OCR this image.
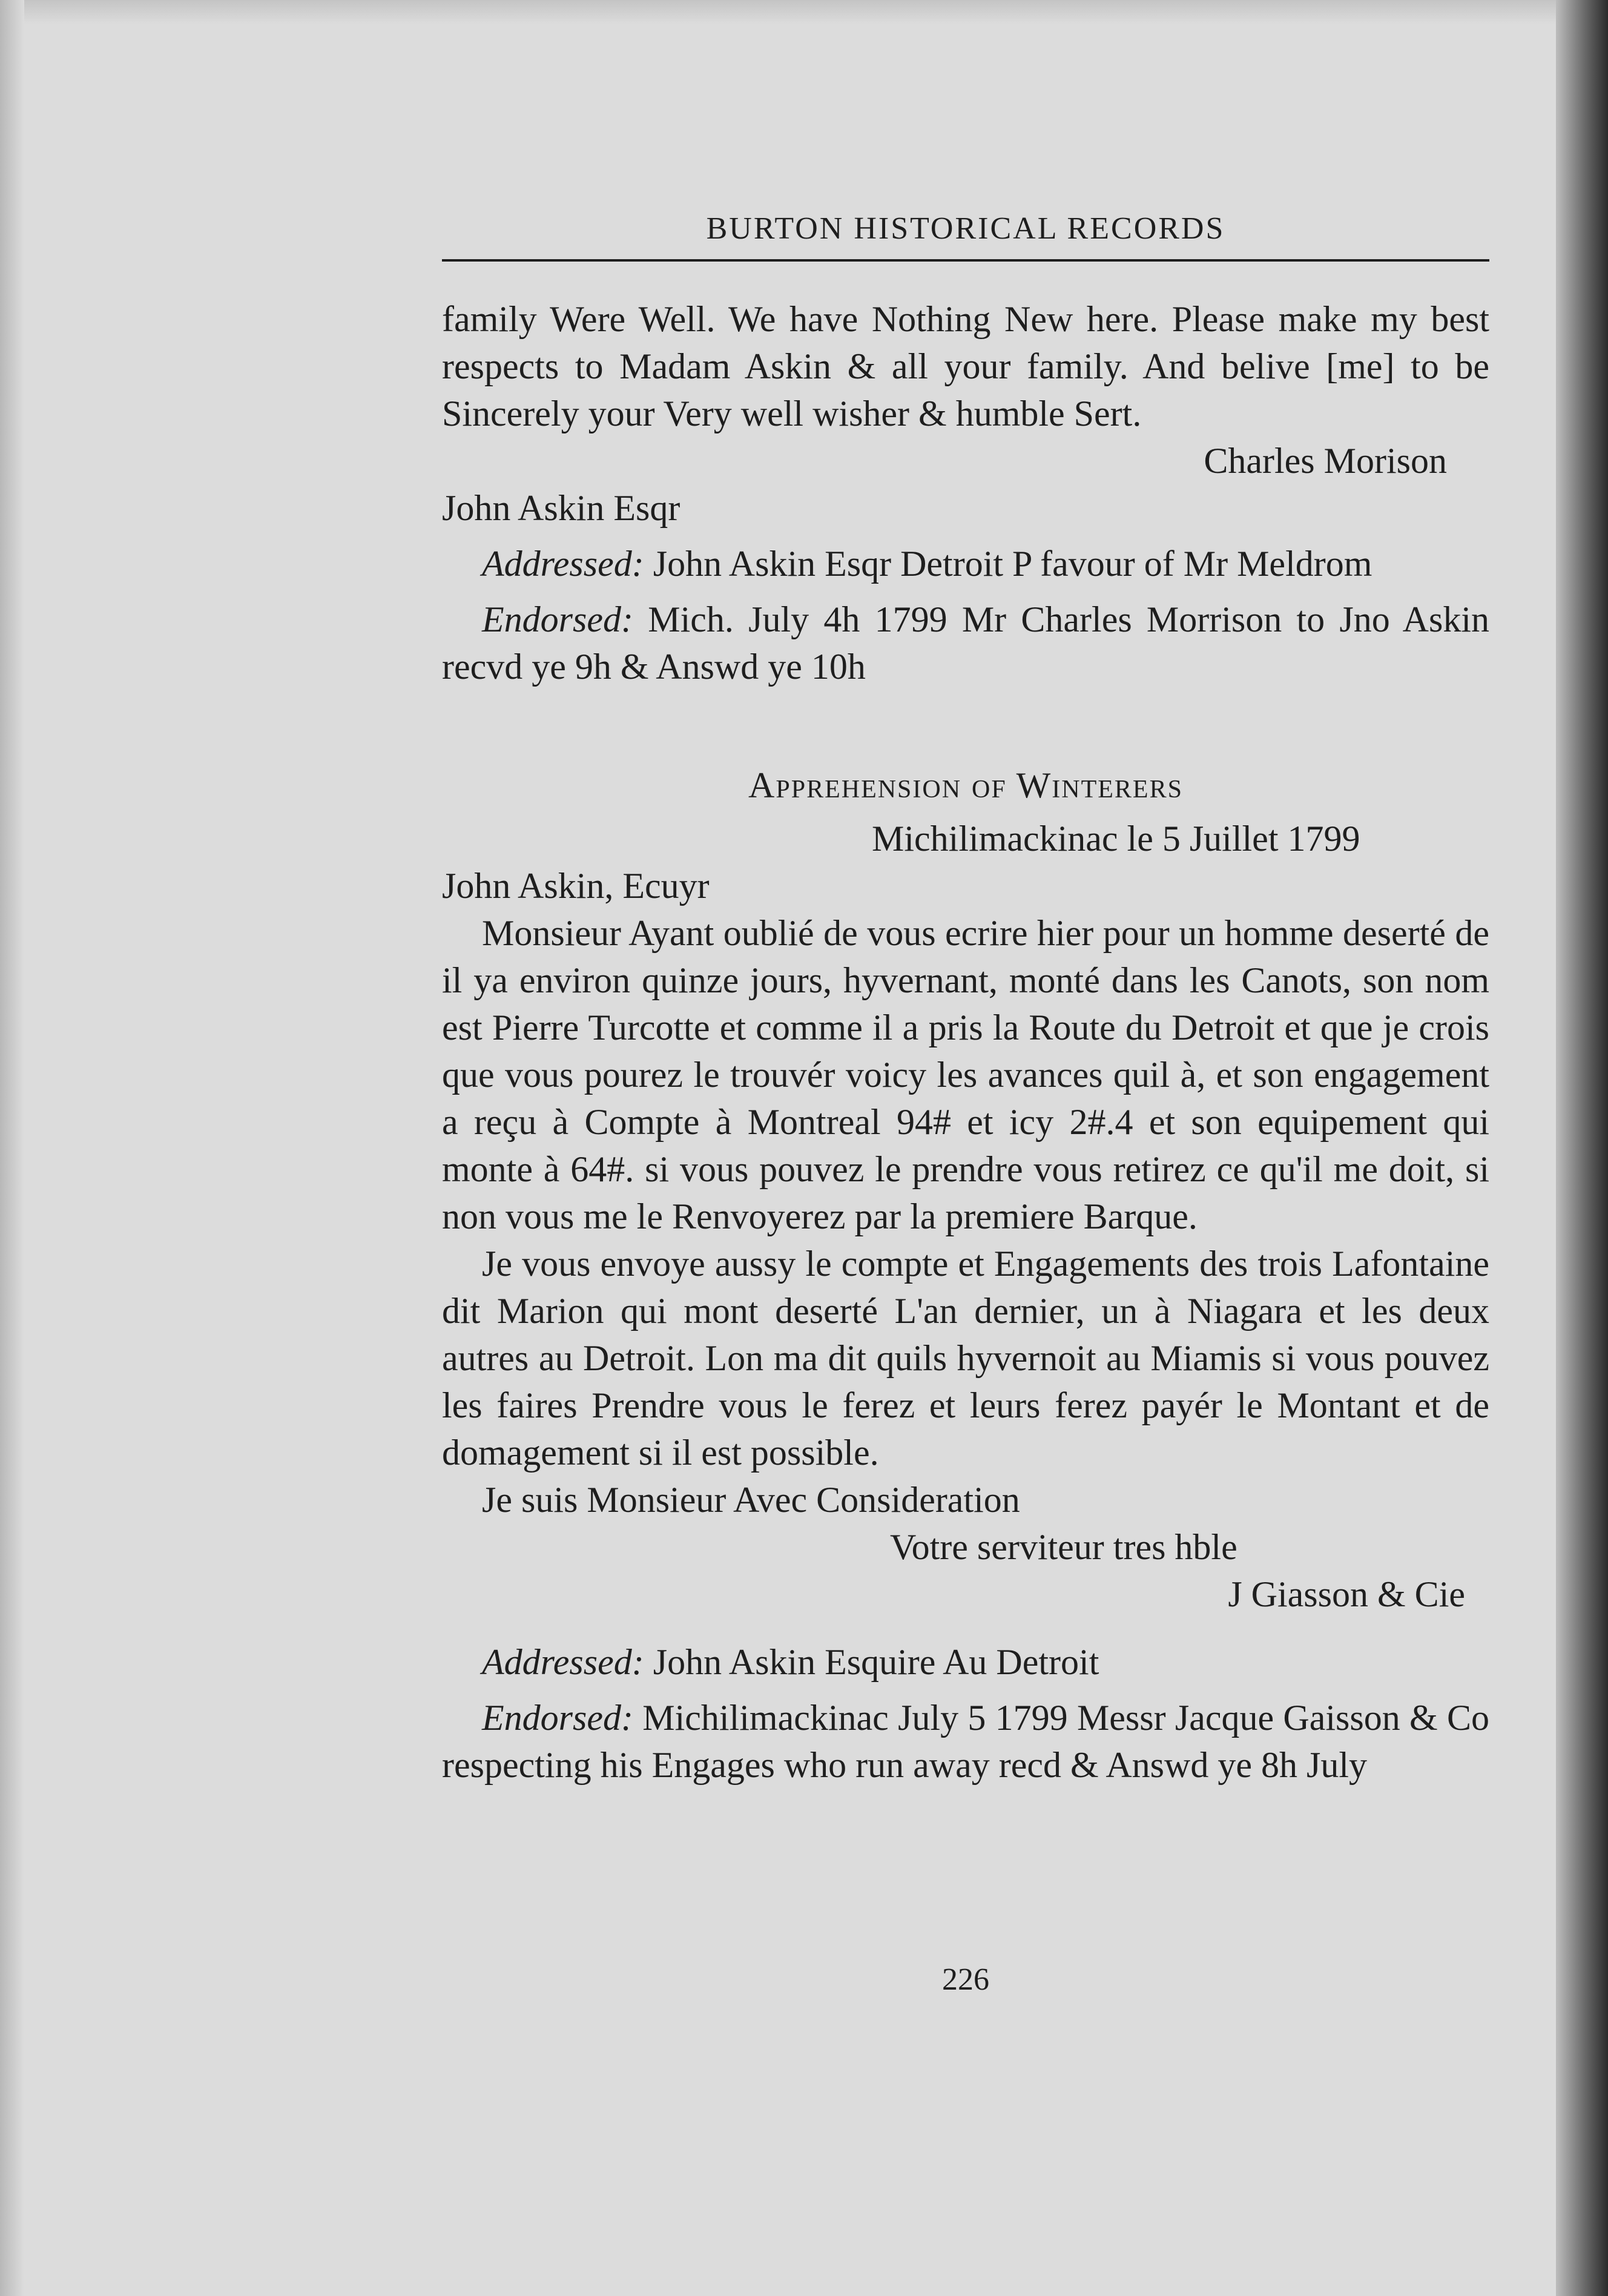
BURTON HISTORICAL RECORDS

family Were Well. We have Nothing New here. Please make my best respects to Madam Askin & all your family. And belive [me] to be Sincerely your Very well wisher & humble Sert.

Charles Morison

John Askin Esqr

Addressed: John Askin Esqr Detroit P favour of Mr Meldrom

Endorsed: Mich. July 4h 1799 Mr Charles Morrison to Jno Askin recvd ye 9h & Answd ye 10h

Apprehension of Winterers

Michilimackinac le 5 Juillet 1799

John Askin, Ecuyr

Monsieur Ayant oublié de vous ecrire hier pour un homme deserté de il ya environ quinze jours, hyvernant, monté dans les Canots, son nom est Pierre Turcotte et comme il a pris la Route du Detroit et que je crois que vous pourez le trouvér voicy les avances quil à, et son engagement a reçu à Compte à Montreal 94# et icy 2#.4 et son equipement qui monte à 64#. si vous pouvez le prendre vous retirez ce qu'il me doit, si non vous me le Renvoyerez par la premiere Barque.

Je vous envoye aussy le compte et Engagements des trois Lafontaine dit Marion qui mont deserté L'an dernier, un à Niagara et les deux autres au Detroit. Lon ma dit quils hyvernoit au Miamis si vous pouvez les faires Prendre vous le ferez et leurs ferez payér le Montant et de domagement si il est possible.

Je suis Monsieur Avec Consideration

Votre serviteur tres hble

J Giasson & Cie

Addressed: John Askin Esquire Au Detroit

Endorsed: Michilimackinac July 5 1799 Messr Jacque Gaisson & Co respecting his Engages who run away recd & Answd ye 8h July

226
